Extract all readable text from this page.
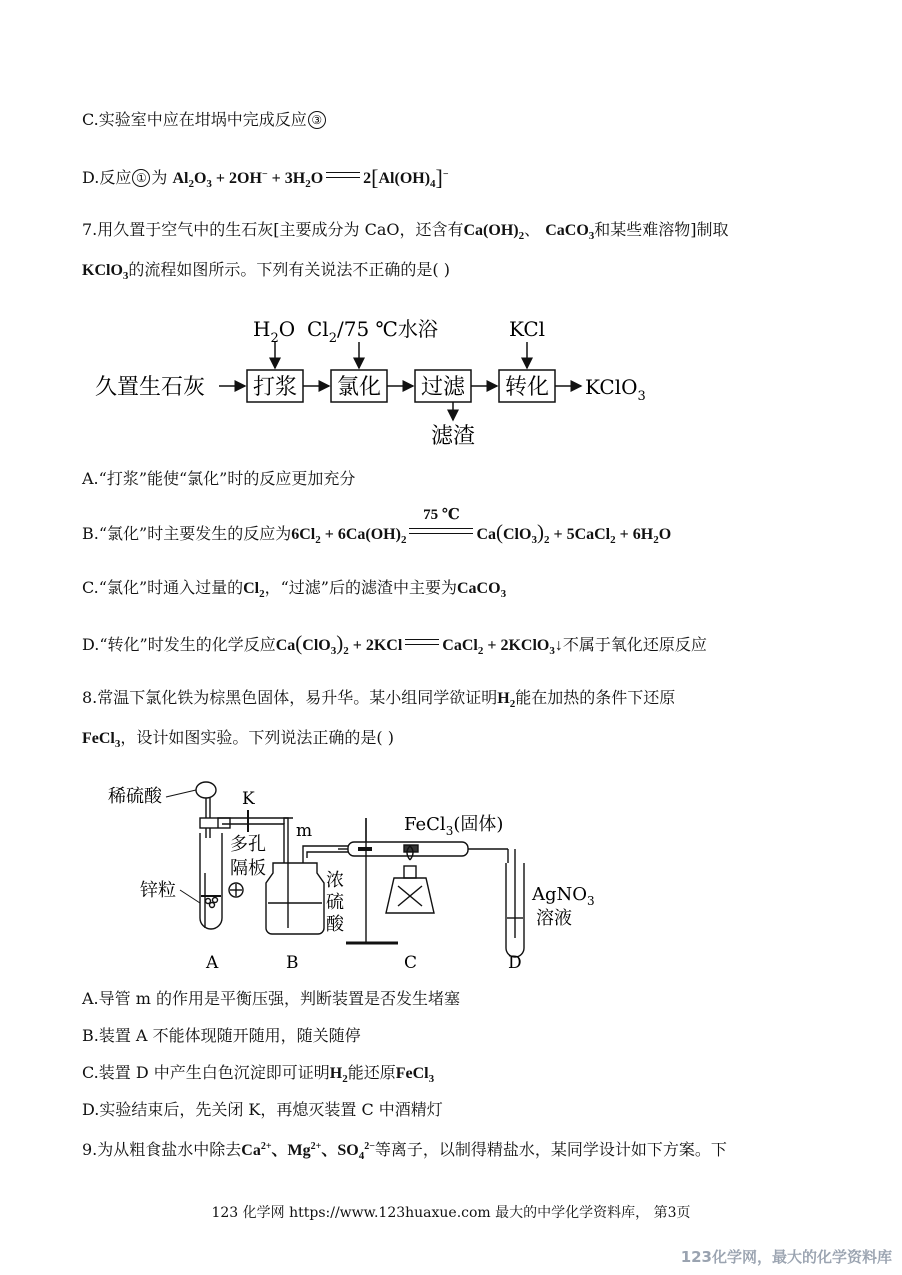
C.实验室中应在坩埚中完成反应 ③
D.反应 ① 为 $Al_2O_3 + 2OH^- + 3H_2O$	$2[Al(OH)_4]^-$
7.用久置于空气中的生石灰[主要成分为 CaO，还含有$Ca(OH)_2$、 CaCO$_3$和某些难溶物]制取
KClO$_3$的流程如图所示。下列有关说法不正确的是( )
久置生石灰 打浆 氯化 过滤 转化 KClO$_3$
$H_2O$ $Cl_2/75$ ℃水浴	KCl
滤渣
A.“打浆”能使“氯化”时的反应更加充分
B.“氯化”时主要发生的反应为$6Cl_2 + 6Ca(OH)_2$
75 ℃
$Ca(ClO_3)_2$ + 5CaCl$_2$ + $6H_2O$
C.“氯化”时通入过量的$Cl_2$，“过滤”后的滤渣中主要为CaCO$_3$
D.“转化”时发生的化学反应$Ca(ClO_3)_2 + 2KCl$	CaCl$_2$ + 2KClO$_3$↓不属于氧化还原反应
8.常温下氯化铁为棕黑色固体，易升华。某小组同学欲证明$H_2$能在加热的条件下还原
FeCl$_3$，设计如图实验。下列说法正确的是( )
稀硫酸	K
m
多孔
隔板
锌粒	浓
硫
酸
FeCl$_3$(固体)
AgNO$_3$
溶液
A	B	C	D
A.导管 m 的作用是平衡压强，判断装置是否发生堵塞
B.装置 A 不能体现随开随用，随关随停
C.装置 D 中产生白色沉淀即可证明$H_2$能还原FeCl$_3$
D.实验结束后，先关闭 K，再熄灭装置 C 中酒精灯
9.为从粗食盐水中除去$Ca^{2+}$、$Mg^{2+}$、$SO_4^{2-}$等离子，以制得精盐水，某同学设计如下方案。下
123 化学网 https://www.123huaxue.com 最大的中学化学资料库， 第3页
123化学网，最大的化学资料库
